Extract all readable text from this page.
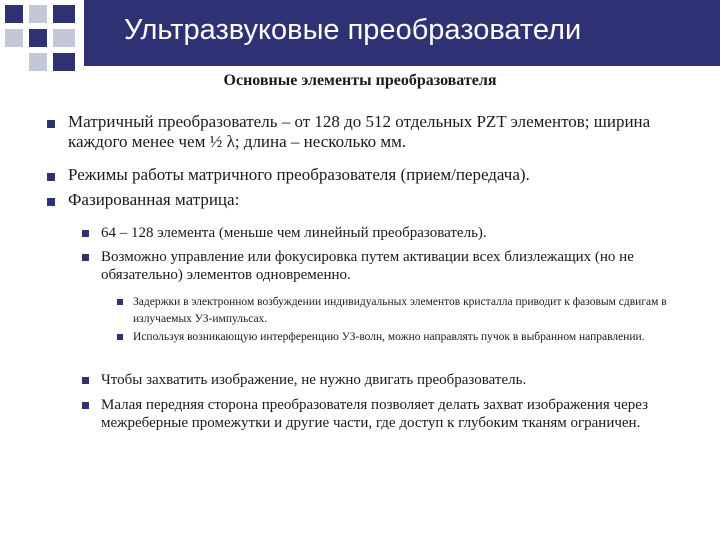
Ультразвуковые преобразователи
Основные элементы преобразователя
Матричный преобразователь – от 128 до 512 отдельных PZT элементов; ширина каждого менее чем ½ λ; длина – несколько мм.
Режимы работы матричного преобразователя (прием/передача).
Фазированная матрица:
64 – 128 элемента (меньше чем линейный преобразователь).
Возможно управление или фокусировка путем активации всех близлежащих (но не обязательно) элементов одновременно.
Задержки в электронном возбуждении индивидуальных элементов кристалла приводит к фазовым сдвигам в излучаемых УЗ-импульсах.
Используя возникающую интерференцию УЗ-волн, можно направлять пучок в выбранном направлении.
Чтобы захватить изображение, не нужно двигать преобразователь.
Малая передняя сторона преобразователя позволяет делать захват изображения через межреберные промежутки и другие части, где доступ к глубоким тканям ограничен.
